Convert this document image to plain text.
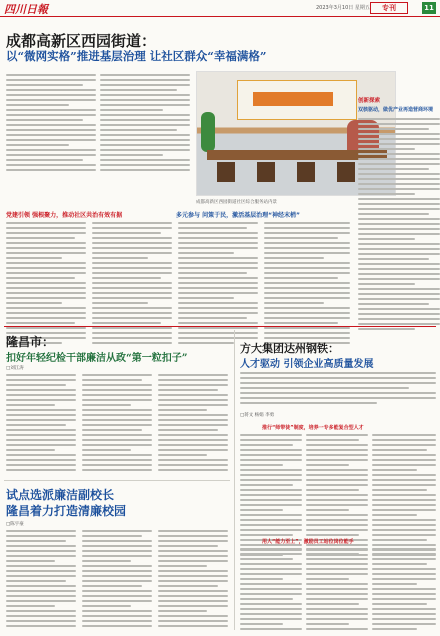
四川日報	2023年3月10日 星期五	专刊	11
成都高新区西园街道：
以“微网实格”推进基层治理 让社区群众“幸福满格”
成都高新区西园街道社区综合服务站内景
创新探索
双核驱动，做优产业再造营商环境
党建引领 强根聚力，推动社区共治有效有据	多元参与 问策于民，激活基层治理“神经末梢”
隆昌市：
扣好年轻纪检干部廉洁从政“第一粒扣子”
□刘江涛
方大集团达州钢铁：
人才驱动 引领企业高质量发展
□蒋文 杨娟 李勇
推行“师带徒”制度，培养一专多能复合型人才
用人“能力至上”，激励员工站位岗位能手
试点选派廉洁副校长
隆昌着力打造清廉校园
□陈宇豪
